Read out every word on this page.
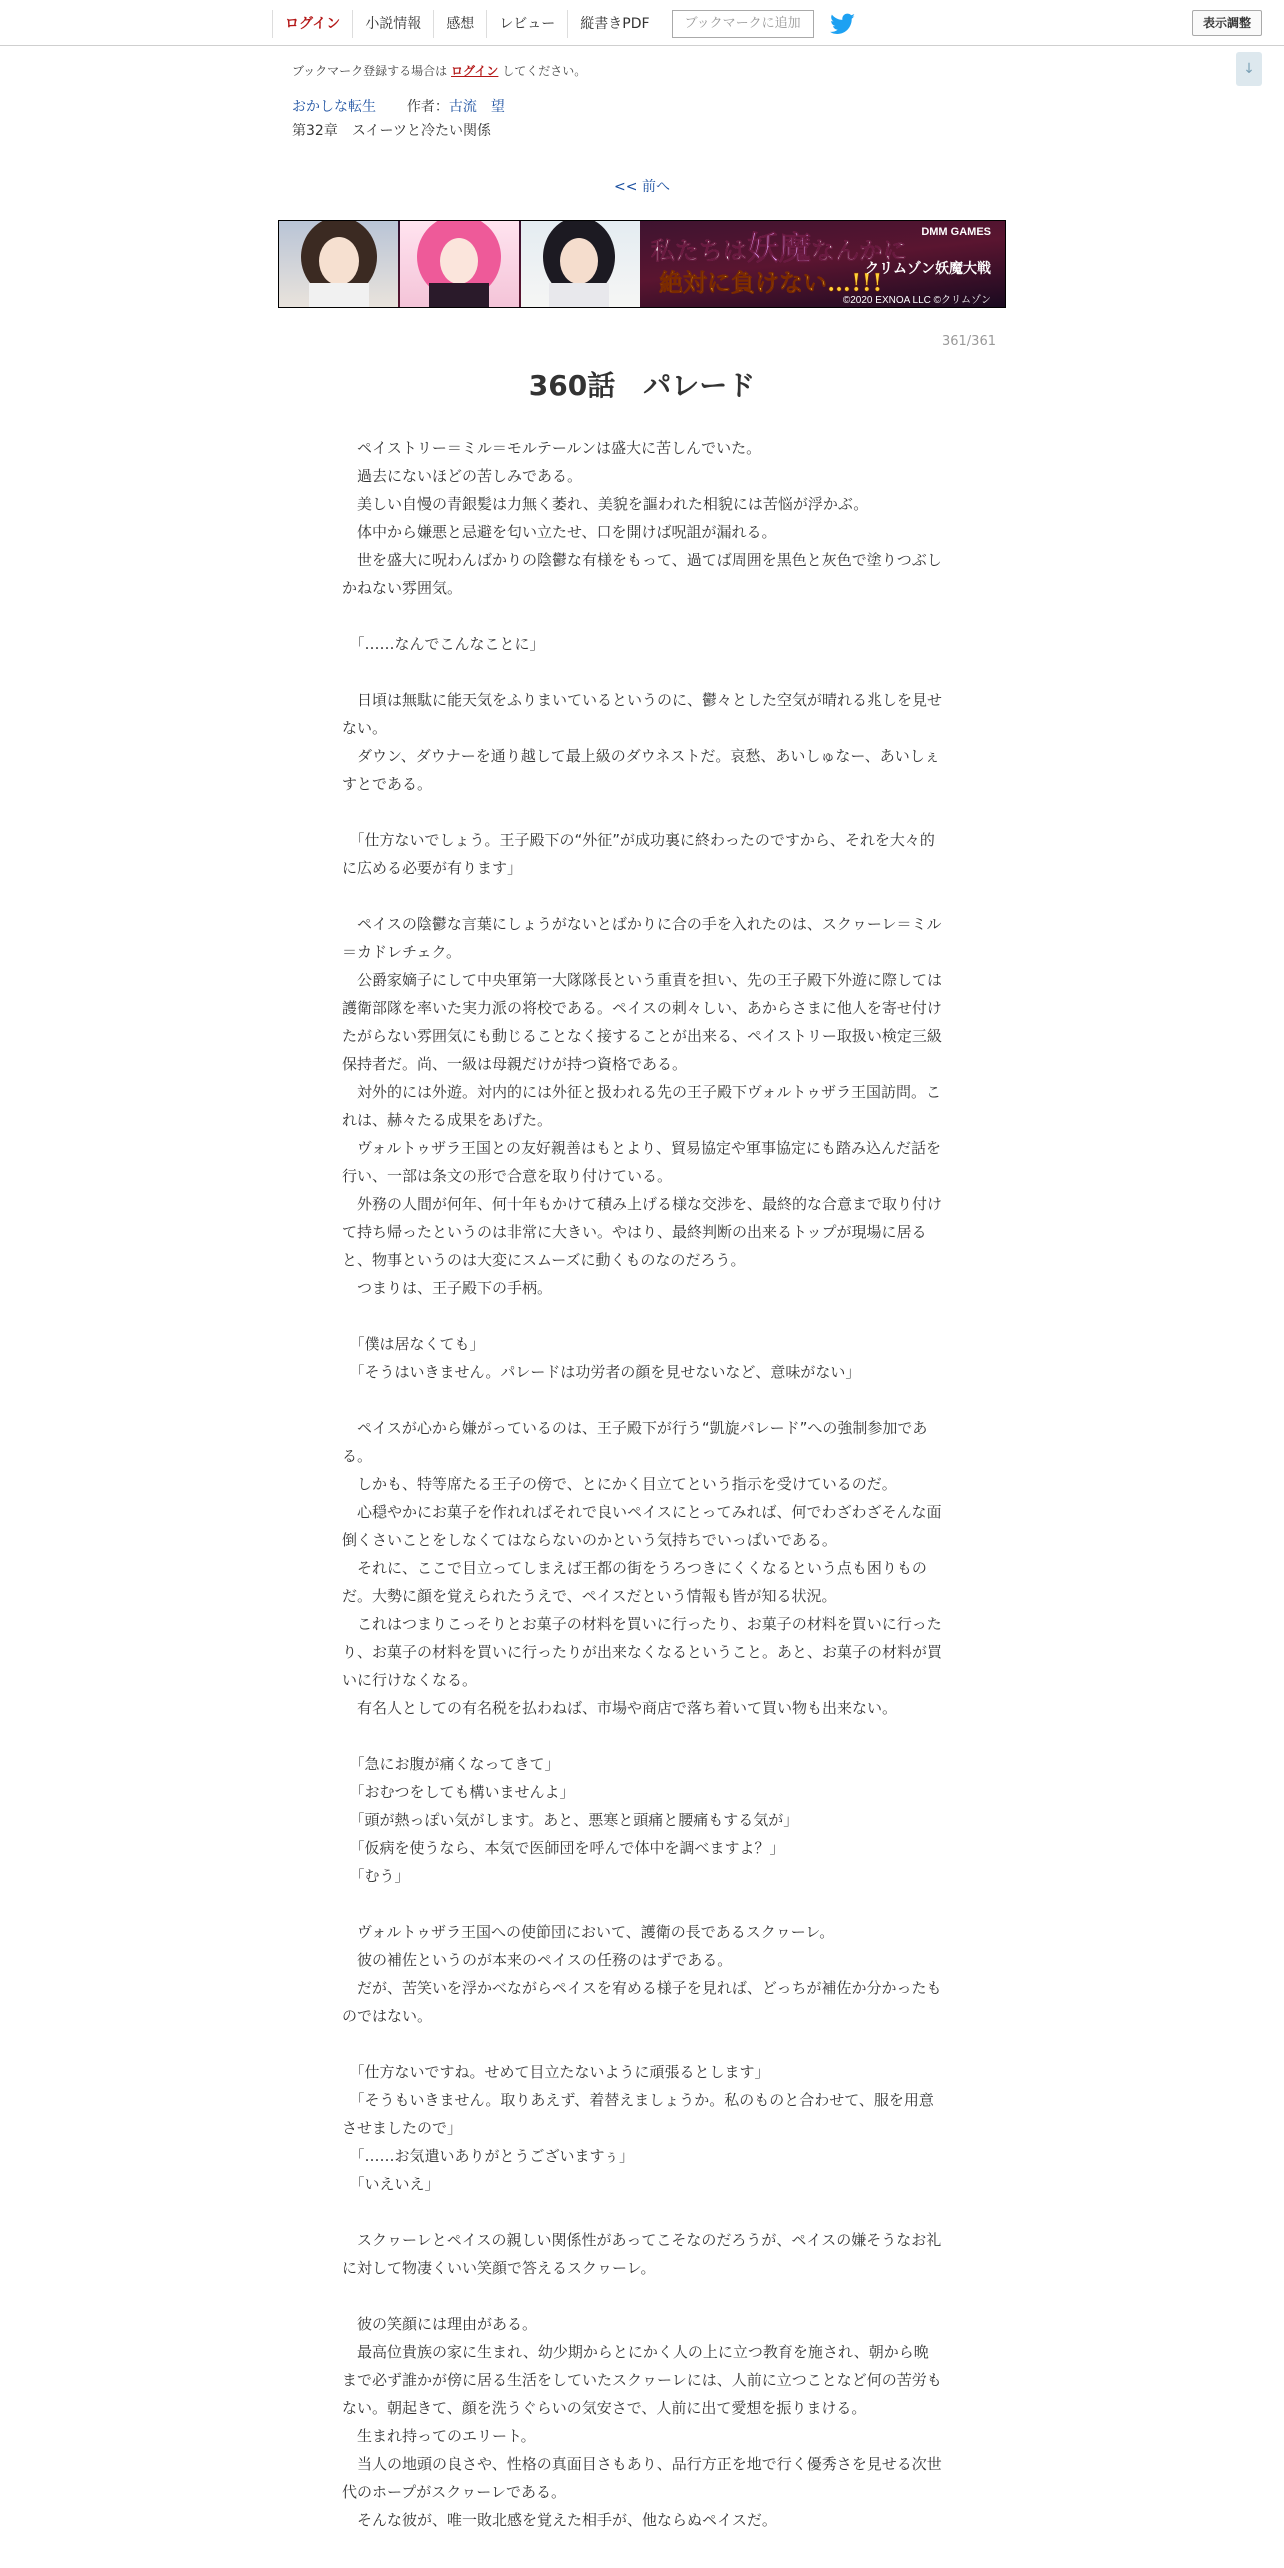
ログイン	小説情報	感想	レビュー	縦書きPDF	ブックマークに追加	表示調整
↓
ブックマーク登録する場合は ログイン してください。
おかしな転生 作者：古流　望
第32章　スイーツと冷たい関係
<< 前へ
DMM GAMES
私たちは妖魔なんかに
絶対に負けない…!!!
クリムゾン妖魔大戦
©2020 EXNOA LLC ©クリムゾン
361/361
360話　パレード

　ペイストリー＝ミル＝モルテールンは盛大に苦しんでいた。

　過去にないほどの苦しみである。

　美しい自慢の青銀髪は力無く萎れ、美貌を謳われた相貌には苦悩が浮かぶ。

　体中から嫌悪と忌避を匂い立たせ、口を開けば呪詛が漏れる。

　世を盛大に呪わんばかりの陰鬱な有様をもって、過てば周囲を黒色と灰色で塗りつぶしかねない雰囲気。

　「……なんでこんなことに」

　日頃は無駄に能天気をふりまいているというのに、鬱々とした空気が晴れる兆しを見せない。

　ダウン、ダウナーを通り越して最上級のダウネストだ。哀愁、あいしゅなー、あいしぇすとである。

　「仕方ないでしょう。王子殿下の“外征”が成功裏に終わったのですから、それを大々的に広める必要が有ります」

　ペイスの陰鬱な言葉にしょうがないとばかりに合の手を入れたのは、スクヮーレ＝ミル＝カドレチェク。

　公爵家嫡子にして中央軍第一大隊隊長という重責を担い、先の王子殿下外遊に際しては護衛部隊を率いた実力派の将校である。ペイスの刺々しい、あからさまに他人を寄せ付けたがらない雰囲気にも動じることなく接することが出来る、ペイストリー取扱い検定三級保持者だ。尚、一級は母親だけが持つ資格である。

　対外的には外遊。対内的には外征と扱われる先の王子殿下ヴォルトゥザラ王国訪問。これは、赫々たる成果をあげた。

　ヴォルトゥザラ王国との友好親善はもとより、貿易協定や軍事協定にも踏み込んだ話を行い、一部は条文の形で合意を取り付けている。

　外務の人間が何年、何十年もかけて積み上げる様な交渉を、最終的な合意まで取り付けて持ち帰ったというのは非常に大きい。やはり、最終判断の出来るトップが現場に居ると、物事というのは大変にスムーズに動くものなのだろう。

　つまりは、王子殿下の手柄。

　「僕は居なくても」

　「そうはいきません。パレードは功労者の顔を見せないなど、意味がない」

　ペイスが心から嫌がっているのは、王子殿下が行う“凱旋パレード”への強制参加である。

　しかも、特等席たる王子の傍で、とにかく目立てという指示を受けているのだ。

　心穏やかにお菓子を作れればそれで良いペイスにとってみれば、何でわざわざそんな面倒くさいことをしなくてはならないのかという気持ちでいっぱいである。

　それに、ここで目立ってしまえば王都の街をうろつきにくくなるという点も困りものだ。大勢に顔を覚えられたうえで、ペイスだという情報も皆が知る状況。

　これはつまりこっそりとお菓子の材料を買いに行ったり、お菓子の材料を買いに行ったり、お菓子の材料を買いに行ったりが出来なくなるということ。あと、お菓子の材料が買いに行けなくなる。

　有名人としての有名税を払わねば、市場や商店で落ち着いて買い物も出来ない。

　「急にお腹が痛くなってきて」

　「おむつをしても構いませんよ」

　「頭が熱っぽい気がします。あと、悪寒と頭痛と腰痛もする気が」

　「仮病を使うなら、本気で医師団を呼んで体中を調べますよ？」

　「むう」

　ヴォルトゥザラ王国への使節団において、護衛の長であるスクヮーレ。

　彼の補佐というのが本来のペイスの任務のはずである。

　だが、苦笑いを浮かべながらペイスを宥める様子を見れば、どっちが補佐か分かったものではない。

　「仕方ないですね。せめて目立たないように頑張るとします」

　「そうもいきません。取りあえず、着替えましょうか。私のものと合わせて、服を用意させましたので」

　「……お気遣いありがとうございますぅ」

　「いえいえ」

　スクヮーレとペイスの親しい関係性があってこそなのだろうが、ペイスの嫌そうなお礼に対して物凄くいい笑顔で答えるスクヮーレ。

　彼の笑顔には理由がある。

　最高位貴族の家に生まれ、幼少期からとにかく人の上に立つ教育を施され、朝から晩まで必ず誰かが傍に居る生活をしていたスクヮーレには、人前に立つことなど何の苦労もない。朝起きて、顔を洗うぐらいの気安さで、人前に出て愛想を振りまける。

　生まれ持ってのエリート。

　当人の地頭の良さや、性格の真面目さもあり、品行方正を地で行く優秀さを見せる次世代のホープがスクヮーレである。

　そんな彼が、唯一敗北感を覚えた相手が、他ならぬペイスだ。
